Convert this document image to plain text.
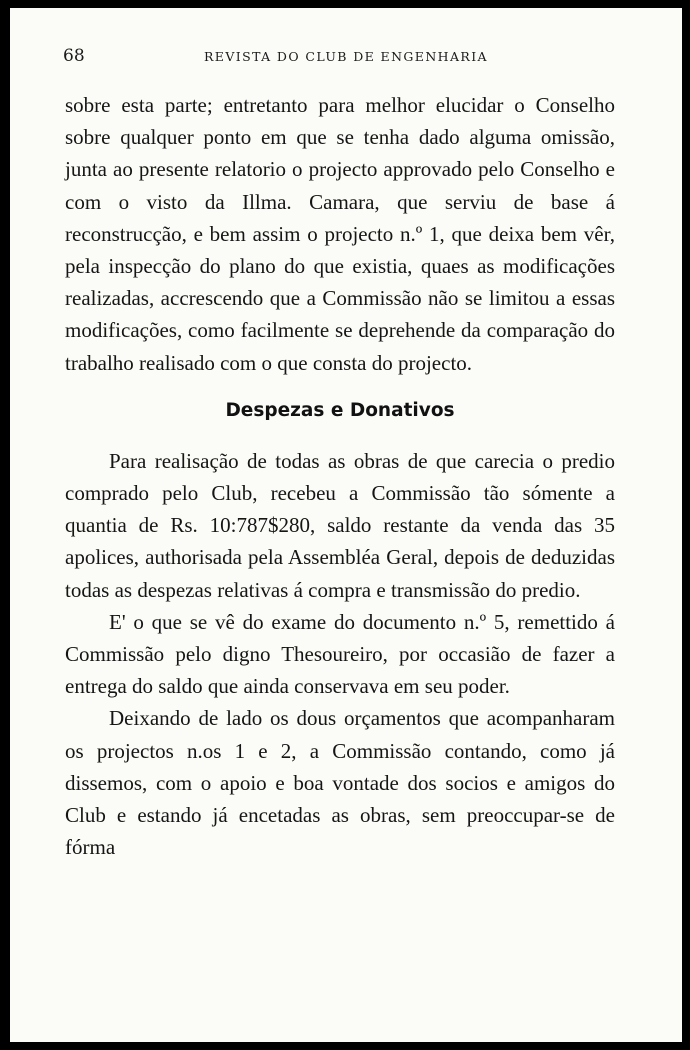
68	REVISTA DO CLUB DE ENGENHARIA

sobre esta parte; entretanto para melhor elucidar o Conselho sobre qualquer ponto em que se tenha dado alguma omissão, junta ao presente relatorio o projecto approvado pelo Conselho e com o visto da Illma. Camara, que serviu de base á reconstrucção, e bem assim o projecto n.º 1, que deixa bem vêr, pela inspecção do plano do que existia, quaes as modificações realizadas, accrescendo que a Commissão não se limitou a essas modificações, como facilmente se deprehende da comparação do trabalho realisado com o que consta do projecto.

Despezas e Donativos

Para realisação de todas as obras de que carecia o predio comprado pelo Club, recebeu a Commissão tão sómente a quantia de Rs. 10:787$280, saldo restante da venda das 35 apolices, authorisada pela Assembléa Geral, depois de deduzidas todas as despezas relativas á compra e transmissão do predio.

E' o que se vê do exame do documento n.º 5, remettido á Commissão pelo digno Thesoureiro, por occasião de fazer a entrega do saldo que ainda conservava em seu poder.

Deixando de lado os dous orçamentos que acompanharam os projectos n.os 1 e 2, a Commissão contando, como já dissemos, com o apoio e boa vontade dos socios e amigos do Club e estando já encetadas as obras, sem preoccupar-se de fórma
